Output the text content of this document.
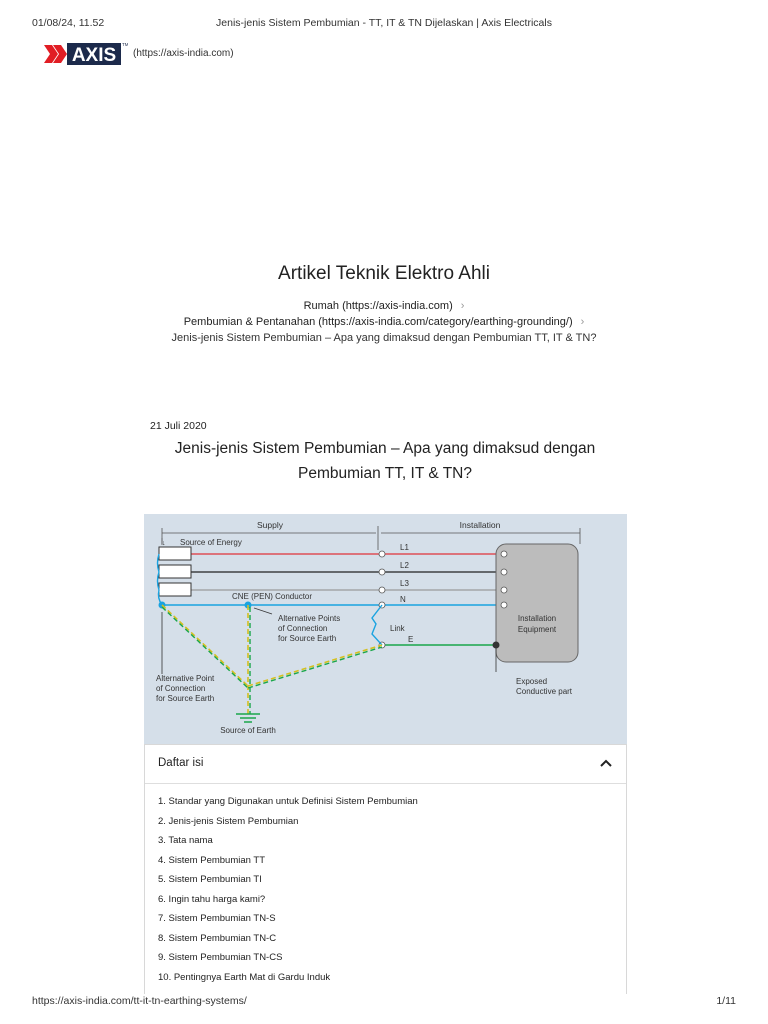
01/08/24, 11.52	Jenis-jenis Sistem Pembumian - TT, IT & TN Dijelaskan | Axis Electricals
AXIS
TM
(https://axis-india.com)
Artikel Teknik Elektro Ahli
Rumah (https://axis-india.com) ›
Pembumian & Pentanahan (https://axis-india.com/category/earthing-grounding/) ›
Jenis-jenis Sistem Pembumian – Apa yang dimaksud dengan Pembumian TT, IT & TN?
21 Juli 2020
Jenis-jenis Sistem Pembumian – Apa yang dimaksud dengan Pembumian TT, IT & TN?
Supply	Installation
↓ Source of Energy
L1
L2
L3
N
CNE (PEN) Conductor
Link
E
Installation
Equipment
Exposed
Conductive part
Source of Earth
Alternative Point
of Connection
for Source Earth
Alternative Points
of Connection
for Source Earth
Daftar isi
1. Standar yang Digunakan untuk Definisi Sistem Pembumian
2. Jenis-jenis Sistem Pembumian
3. Tata nama
4. Sistem Pembumian TT
5. Sistem Pembumian TI
6. Ingin tahu harga kami?
7. Sistem Pembumian TN-S
8. Sistem Pembumian TN-C
9. Sistem Pembumian TN-CS
10. Pentingnya Earth Mat di Gardu Induk
https://axis-india.com/tt-it-tn-earthing-systems/	1/11
